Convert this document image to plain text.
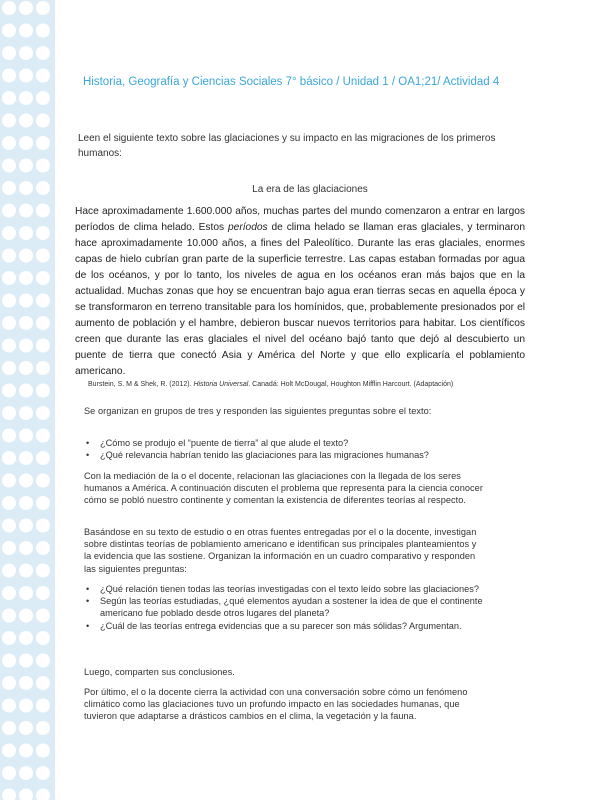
Historia, Geografía y Ciencias Sociales 7° básico / Unidad 1 / OA1;21/ Actividad 4
Leen el siguiente texto sobre las glaciaciones y su impacto en las migraciones de los primeros humanos:
La era de las glaciaciones
Hace aproximadamente 1.600.000 años, muchas partes del mundo comenzaron a entrar en largos períodos de clima helado. Estos períodos de clima helado se llaman eras glaciales, y terminaron hace aproximadamente 10.000 años, a fines del Paleolítico. Durante las eras glaciales, enormes capas de hielo cubrían gran parte de la superficie terrestre. Las capas estaban formadas por agua de los océanos, y por lo tanto, los niveles de agua en los océanos eran más bajos que en la actualidad. Muchas zonas que hoy se encuentran bajo agua eran tierras secas en aquella época y se transformaron en terreno transitable para los homínidos, que, probablemente presionados por el aumento de población y el hambre, debieron buscar nuevos territorios para habitar. Los científicos creen que durante las eras glaciales el nivel del océano bajó tanto que dejó al descubierto un puente de tierra que conectó Asia y América del Norte y que ello explicaría el poblamiento americano.
Burstein, S. M & Shek, R. (2012). Historia Universal. Canadá: Holt McDougal, Houghton Mifflin Harcourt. (Adaptación)

Se organizan en grupos de tres y responden las siguientes preguntas sobre el texto:

• ¿Cómo se produjo el “puente de tierra” al que alude el texto?
• ¿Qué relevancia habrían tenido las glaciaciones para las migraciones humanas?

Con la mediación de la o el docente, relacionan las glaciaciones con la llegada de los seres humanos a América. A continuación discuten el problema que representa para la ciencia conocer cómo se pobló nuestro continente y comentan la existencia de diferentes teorías al respecto.

Basándose en su texto de estudio o en otras fuentes entregadas por el o la docente, investigan sobre distintas teorías de poblamiento americano e identifican sus principales planteamientos y la evidencia que las sostiene. Organizan la información en un cuadro comparativo y responden las siguientes preguntas:

• ¿Qué relación tienen todas las teorías investigadas con el texto leído sobre las glaciaciones?
• Según las teorías estudiadas, ¿qué elementos ayudan a sostener la idea de que el continente americano fue poblado desde otros lugares del planeta?
• ¿Cuál de las teorías entrega evidencias que a su parecer son más sólidas? Argumentan.

Luego, comparten sus conclusiones.

Por último, el o la docente cierra la actividad con una conversación sobre cómo un fenómeno climático como las glaciaciones tuvo un profundo impacto en las sociedades humanas, que tuvieron que adaptarse a drásticos cambios en el clima, la vegetación y la fauna.
